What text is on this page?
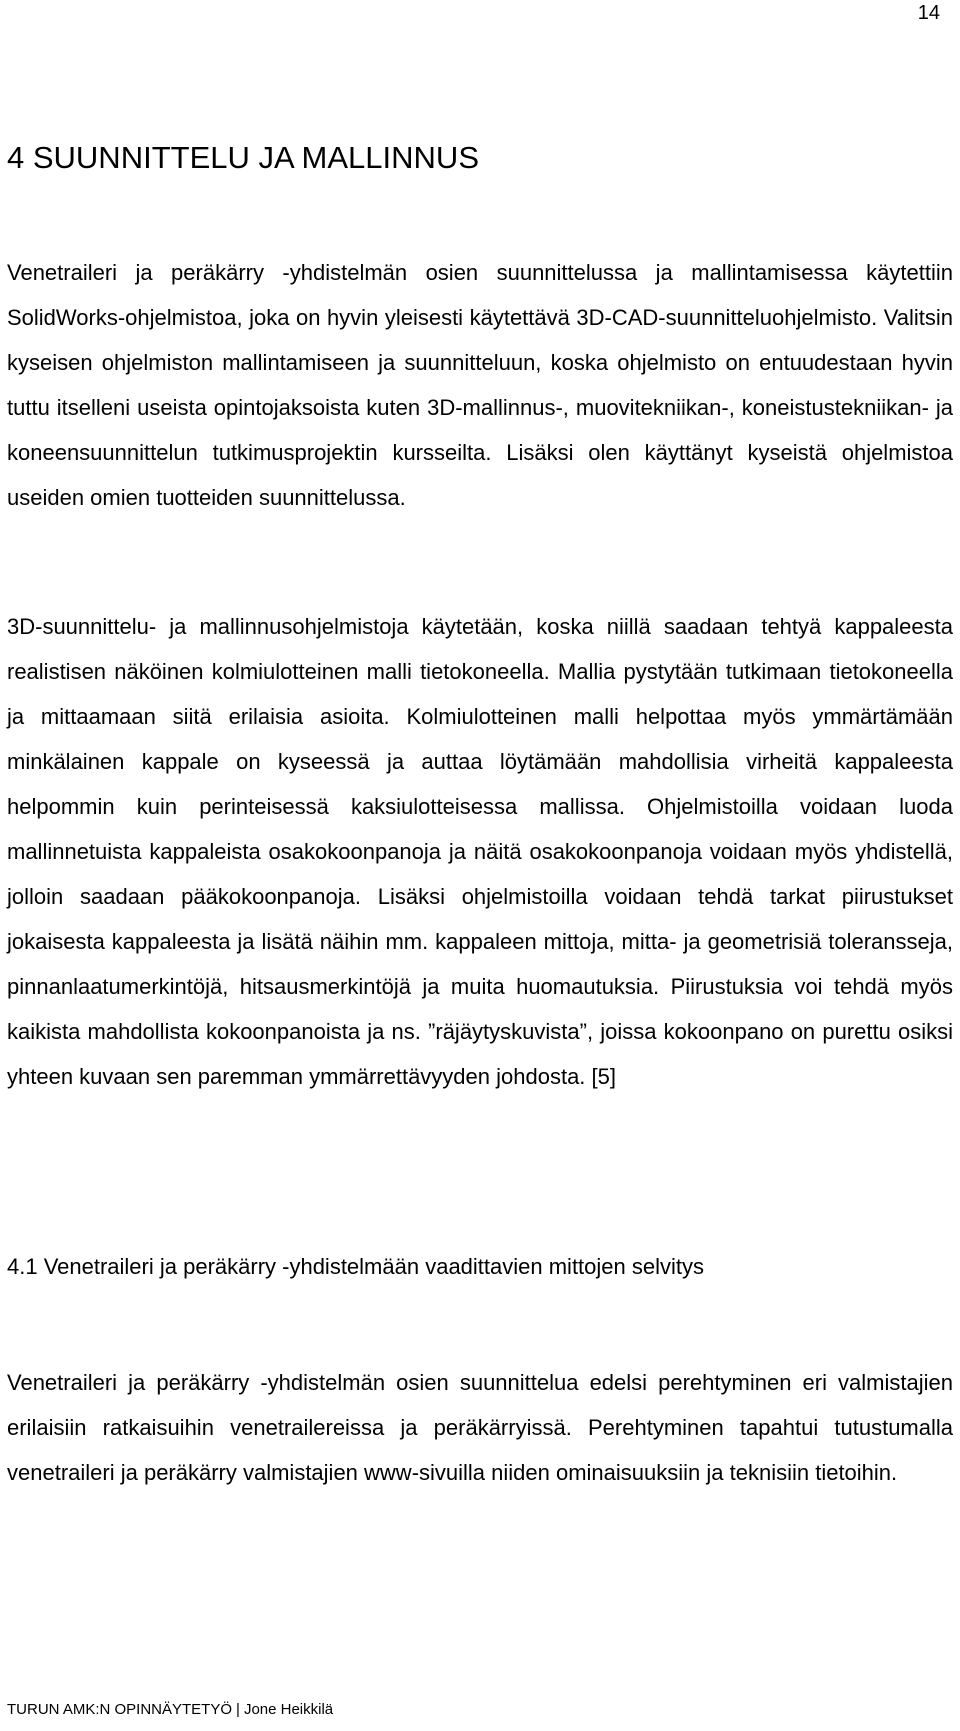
14
4 SUUNNITTELU JA MALLINNUS

Venetraileri ja peräkärry -yhdistelmän osien suunnittelussa ja mallintamisessa käytettiin SolidWorks-ohjelmistoa, joka on hyvin yleisesti käytettävä 3D-CAD-suunnitteluohjelmisto. Valitsin kyseisen ohjelmiston mallintamiseen ja suunnitteluun, koska ohjelmisto on entuudestaan hyvin tuttu itselleni useista opintojaksoista kuten 3D-mallinnus-, muovitekniikan-, koneistustekniikan- ja koneensuunnittelun tutkimusprojektin kursseilta. Lisäksi olen käyttänyt kyseistä ohjelmistoa useiden omien tuotteiden suunnittelussa.

3D-suunnittelu- ja mallinnusohjelmistoja käytetään, koska niillä saadaan tehtyä kappaleesta realistisen näköinen kolmiulotteinen malli tietokoneella. Mallia pystytään tutkimaan tietokoneella ja mittaamaan siitä erilaisia asioita. Kolmiulotteinen malli helpottaa myös ymmärtämään minkälainen kappale on kyseessä ja auttaa löytämään mahdollisia virheitä kappaleesta helpommin kuin perinteisessä kaksiulotteisessa mallissa. Ohjelmistoilla voidaan luoda mallinnetuista kappaleista osakokoonpanoja ja näitä osakokoonpanoja voidaan myös yhdistellä, jolloin saadaan pääkokoonpanoja. Lisäksi ohjelmistoilla voidaan tehdä tarkat piirustukset jokaisesta kappaleesta ja lisätä näihin mm. kappaleen mittoja, mitta- ja geometrisiä toleransseja, pinnanlaatumerkintöjä, hitsausmerkintöjä ja muita huomautuksia. Piirustuksia voi tehdä myös kaikista mahdollista kokoonpanoista ja ns. ”räjäytyskuvista”, joissa kokoonpano on purettu osiksi yhteen kuvaan sen paremman ymmärrettävyyden johdosta. [5]

4.1 Venetraileri ja peräkärry -yhdistelmään vaadittavien mittojen selvitys

Venetraileri ja peräkärry -yhdistelmän osien suunnittelua edelsi perehtyminen eri valmistajien erilaisiin ratkaisuihin venetrailereissa ja peräkärryissä. Perehtyminen tapahtui tutustumalla venetraileri ja peräkärry valmistajien www-sivuilla niiden ominaisuuksiin ja teknisiin tietoihin.

TURUN AMK:N OPINNÄYTETYÖ | Jone Heikkilä
